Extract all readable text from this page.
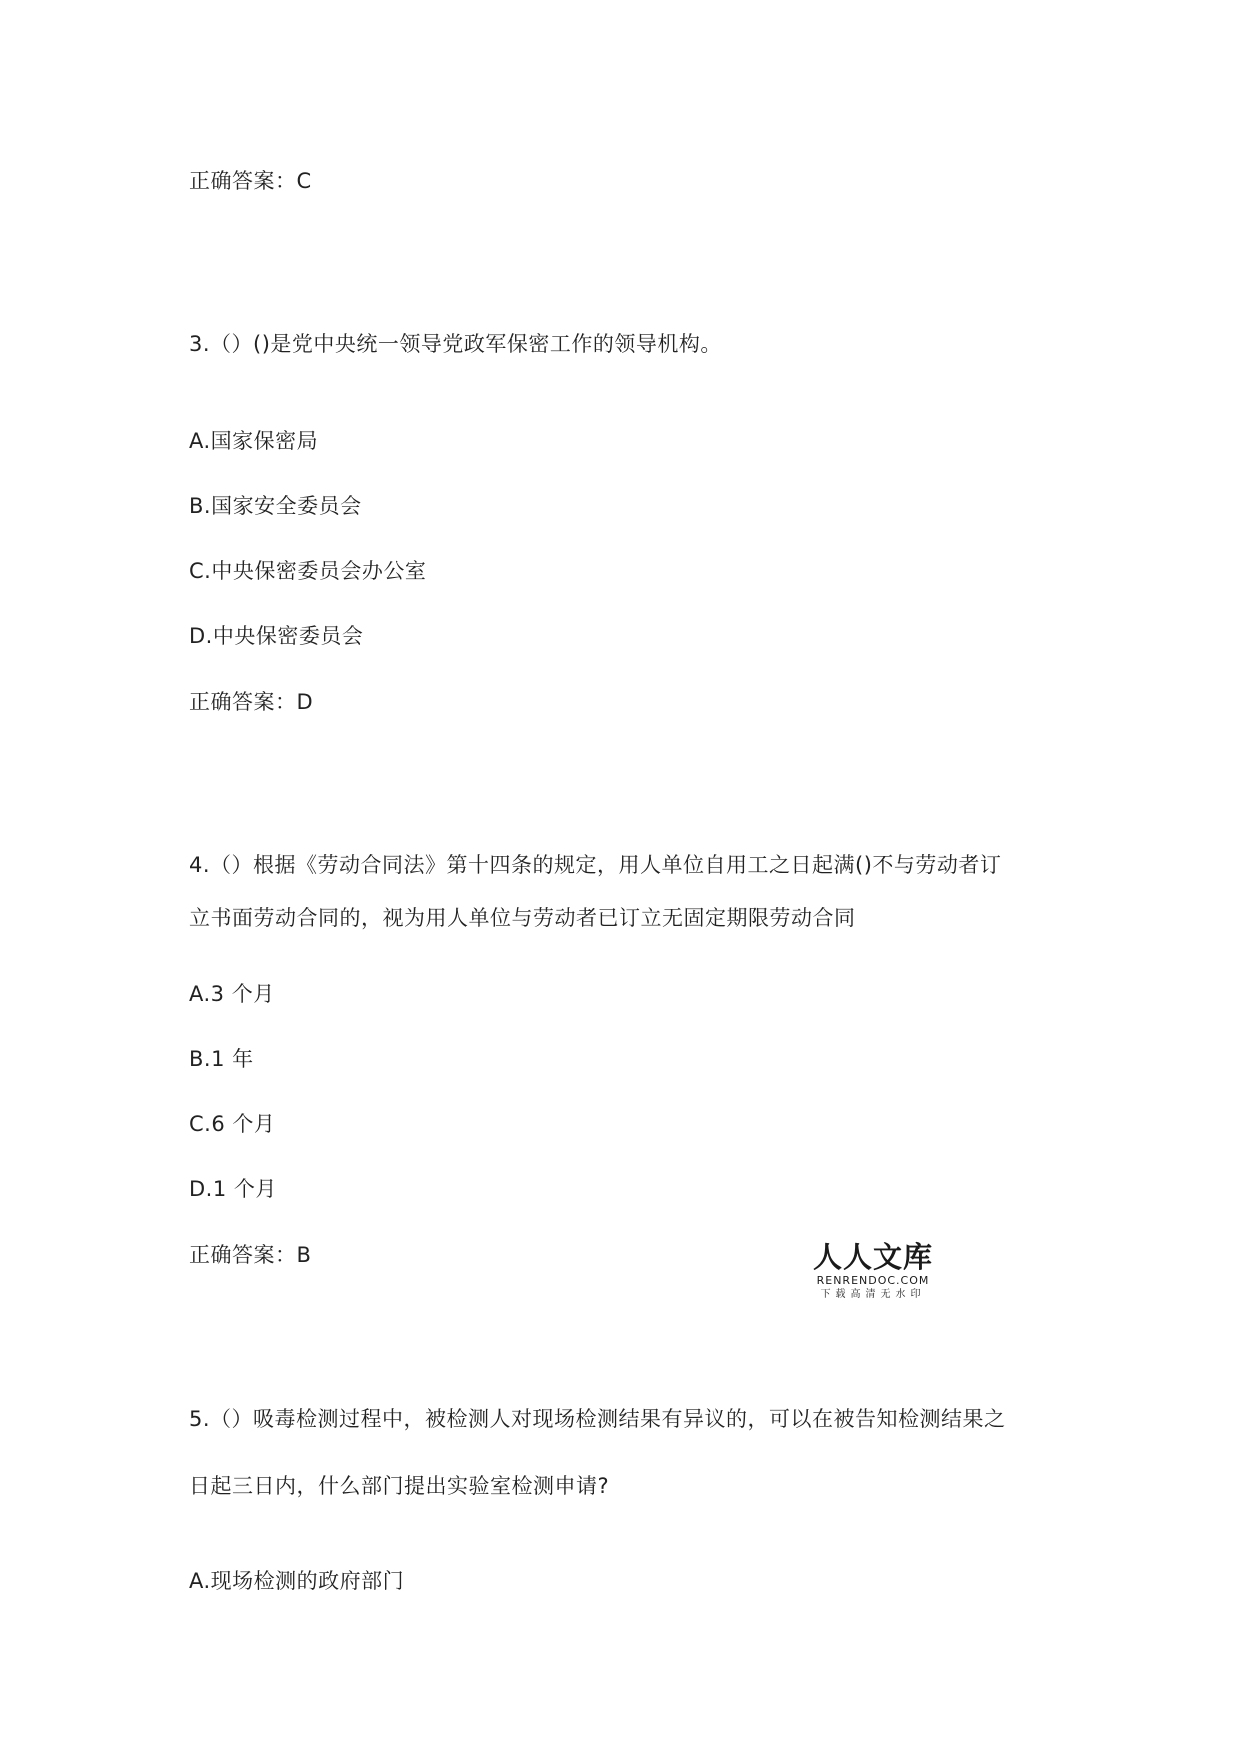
正确答案：C
3.（）()是党中央统一领导党政军保密工作的领导机构。
A.国家保密局
B.国家安全委员会
C.中央保密委员会办公室
D.中央保密委员会
正确答案：D
4.（）根据《劳动合同法》第十四条的规定，用人单位自用工之日起满()不与劳动者订
立书面劳动合同的，视为用人单位与劳动者已订立无固定期限劳动合同
A.3 个月
B.1 年
C.6 个月
D.1 个月
正确答案：B	人人文库
RENRENDOC.COM
下载高清无水印
5.（）吸毒检测过程中，被检测人对现场检测结果有异议的，可以在被告知检测结果之
日起三日内，什么部门提出实验室检测申请?
A.现场检测的政府部门
